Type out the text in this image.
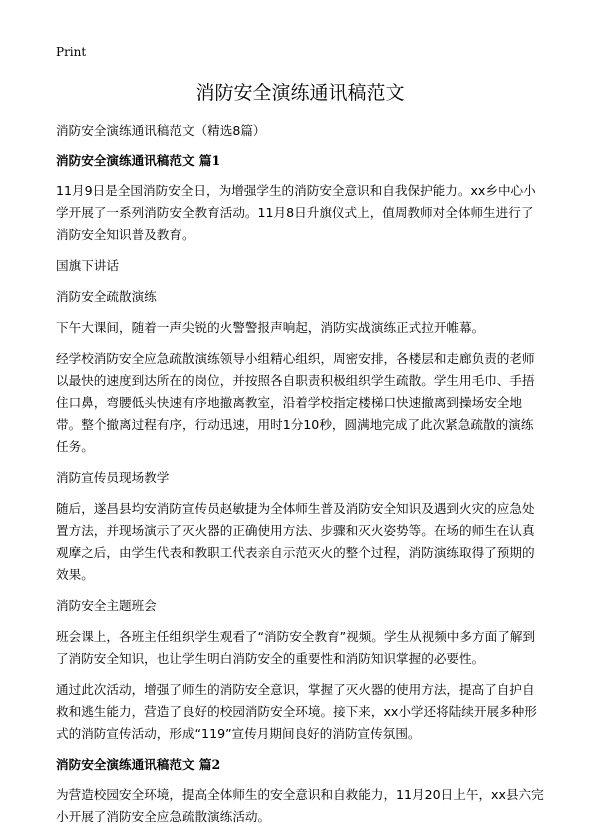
Print
消防安全演练通讯稿范文

消防安全演练通讯稿范文（精选8篇）

消防安全演练通讯稿范文 篇1

11月9日是全国消防安全日，为增强学生的消防安全意识和自我保护能力。xx乡中心小学开展了一系列消防安全教育活动。11月8日升旗仪式上，值周教师对全体师生进行了消防安全知识普及教育。

国旗下讲话

消防安全疏散演练

下午大课间，随着一声尖锐的火警警报声响起，消防实战演练正式拉开帷幕。

经学校消防安全应急疏散演练领导小组精心组织，周密安排，各楼层和走廊负责的老师以最快的速度到达所在的岗位，并按照各自职责积极组织学生疏散。学生用毛巾、手捂住口鼻，弯腰低头快速有序地撤离教室，沿着学校指定楼梯口快速撤离到操场安全地带。整个撤离过程有序，行动迅速，用时1分10秒，圆满地完成了此次紧急疏散的演练任务。

消防宣传员现场教学

随后，遂昌县均安消防宣传员赵敏捷为全体师生普及消防安全知识及遇到火灾的应急处置方法，并现场演示了灭火器的正确使用方法、步骤和灭火姿势等。在场的师生在认真观摩之后，由学生代表和教职工代表亲自示范灭火的整个过程，消防演练取得了预期的效果。

消防安全主题班会

班会课上，各班主任组织学生观看了“消防安全教育”视频。学生从视频中多方面了解到了消防安全知识，也让学生明白消防安全的重要性和消防知识掌握的必要性。

通过此次活动，增强了师生的消防安全意识，掌握了灭火器的使用方法，提高了自护自救和逃生能力，营造了良好的校园消防安全环境。接下来，xx小学还将陆续开展多种形式的消防宣传活动，形成“119”宣传月期间良好的消防宣传氛围。

消防安全演练通讯稿范文 篇2

为营造校园安全环境，提高全体师生的安全意识和自救能力，11月20日上午，xx县六完小开展了消防安全应急疏散演练活动。
